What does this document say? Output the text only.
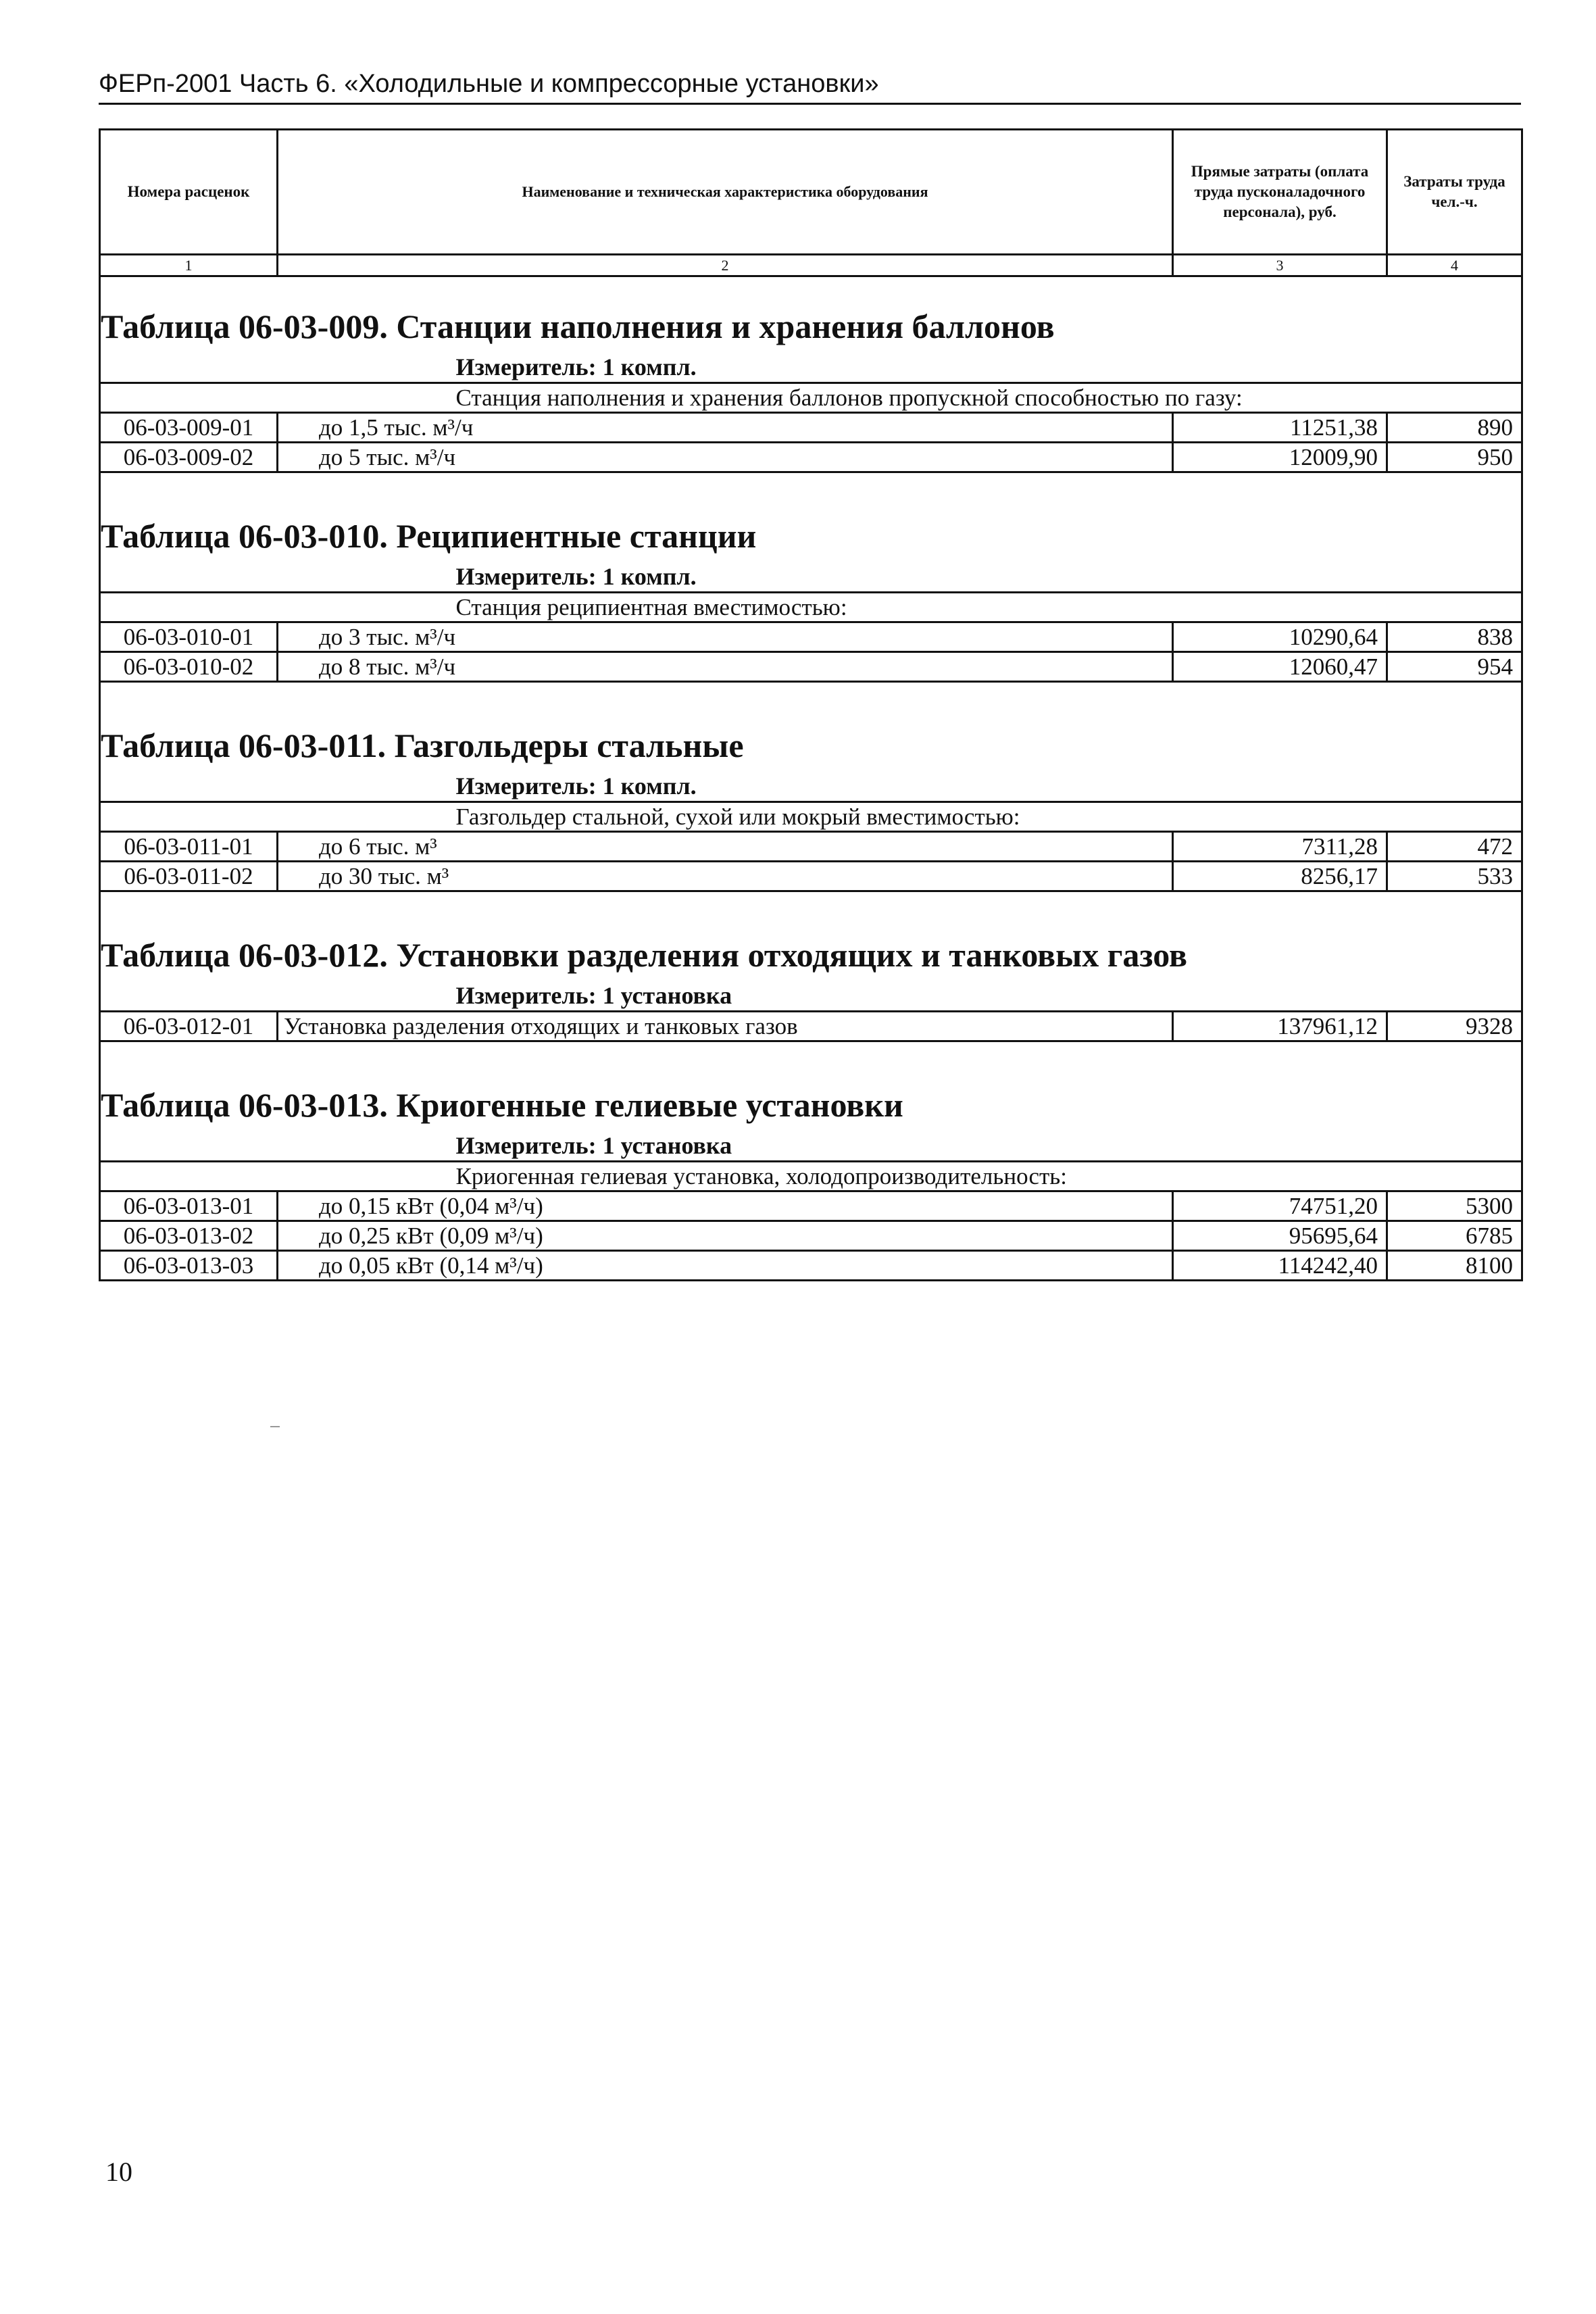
ФЕРп-2001 Часть 6. «Холодильные и компрессорные установки»
Номера расценок	Наименование и техническая характеристика оборудования	Прямые затраты (оплата труда пусконаладочного персонала), руб.	Затраты труда чел.-ч.
1	2	3	4
Таблица 06-03-009. Станции наполнения и хранения баллонов			
	Измеритель: 1 компл.		
	Станция наполнения и хранения баллонов пропускной способностью по газу:		
06-03-009-01	до 1,5 тыс. м³/ч	11251,38	890
06-03-009-02	до 5 тыс. м³/ч	12009,90	950
Таблица 06-03-010. Реципиентные станции			
	Измеритель: 1 компл.		
	Станция реципиентная вместимостью:		
06-03-010-01	до 3 тыс. м³/ч	10290,64	838
06-03-010-02	до 8 тыс. м³/ч	12060,47	954
Таблица 06-03-011. Газгольдеры стальные			
	Измеритель: 1 компл.		
	Газгольдер стальной, сухой или мокрый вместимостью:		
06-03-011-01	до 6 тыс. м³	7311,28	472
06-03-011-02	до 30 тыс. м³	8256,17	533
Таблица 06-03-012. Установки разделения отходящих и танковых газов			
	Измеритель: 1 установка		
06-03-012-01	Установка разделения отходящих и танковых газов	137961,12	9328
Таблица 06-03-013. Криогенные гелиевые установки			
	Измеритель: 1 установка		
	Криогенная гелиевая установка, холодопроизводительность:		
06-03-013-01	до 0,15 кВт (0,04 м³/ч)	74751,20	5300
06-03-013-02	до 0,25 кВт (0,09 м³/ч)	95695,64	6785
06-03-013-03	до 0,05 кВт (0,14 м³/ч)	114242,40	8100
10
